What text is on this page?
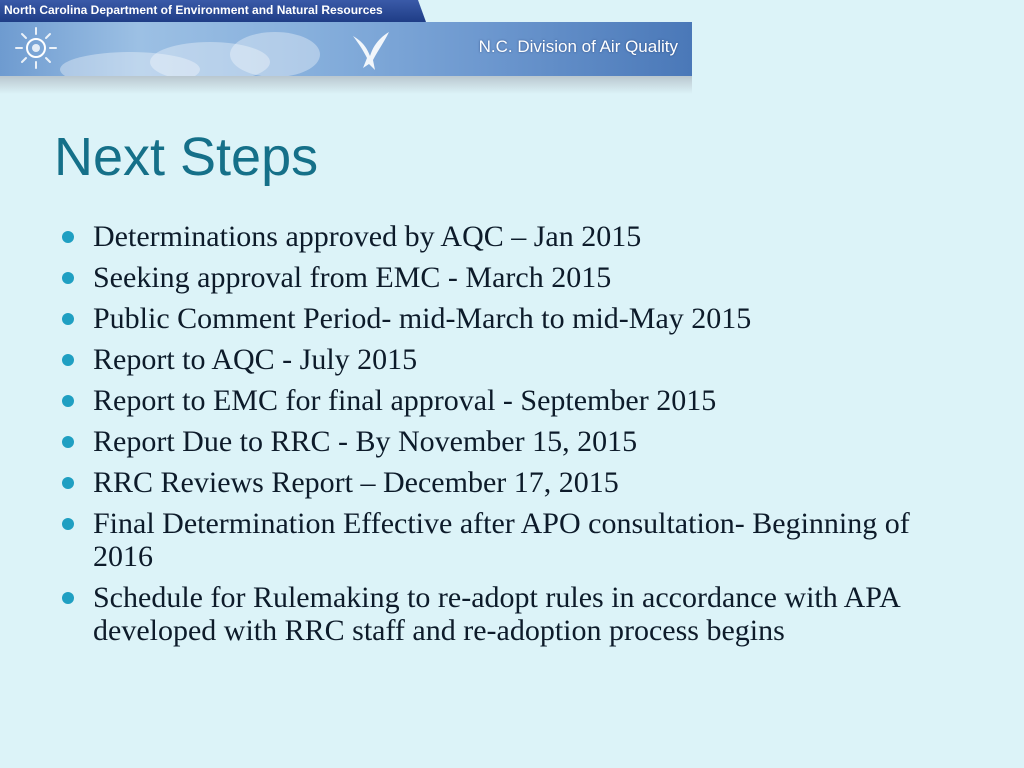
North Carolina Department of Environment and Natural Resources
N.C. Division of Air Quality
Next Steps
Determinations approved by AQC – Jan 2015
Seeking approval from EMC - March 2015
Public Comment Period- mid-March to mid-May 2015
Report to AQC - July 2015
Report to EMC for final approval - September 2015
Report Due to RRC - By November 15, 2015
RRC Reviews Report – December 17, 2015
Final Determination Effective after APO consultation- Beginning of 2016
Schedule for Rulemaking to re-adopt rules in accordance with APA developed with RRC staff and re-adoption process begins
